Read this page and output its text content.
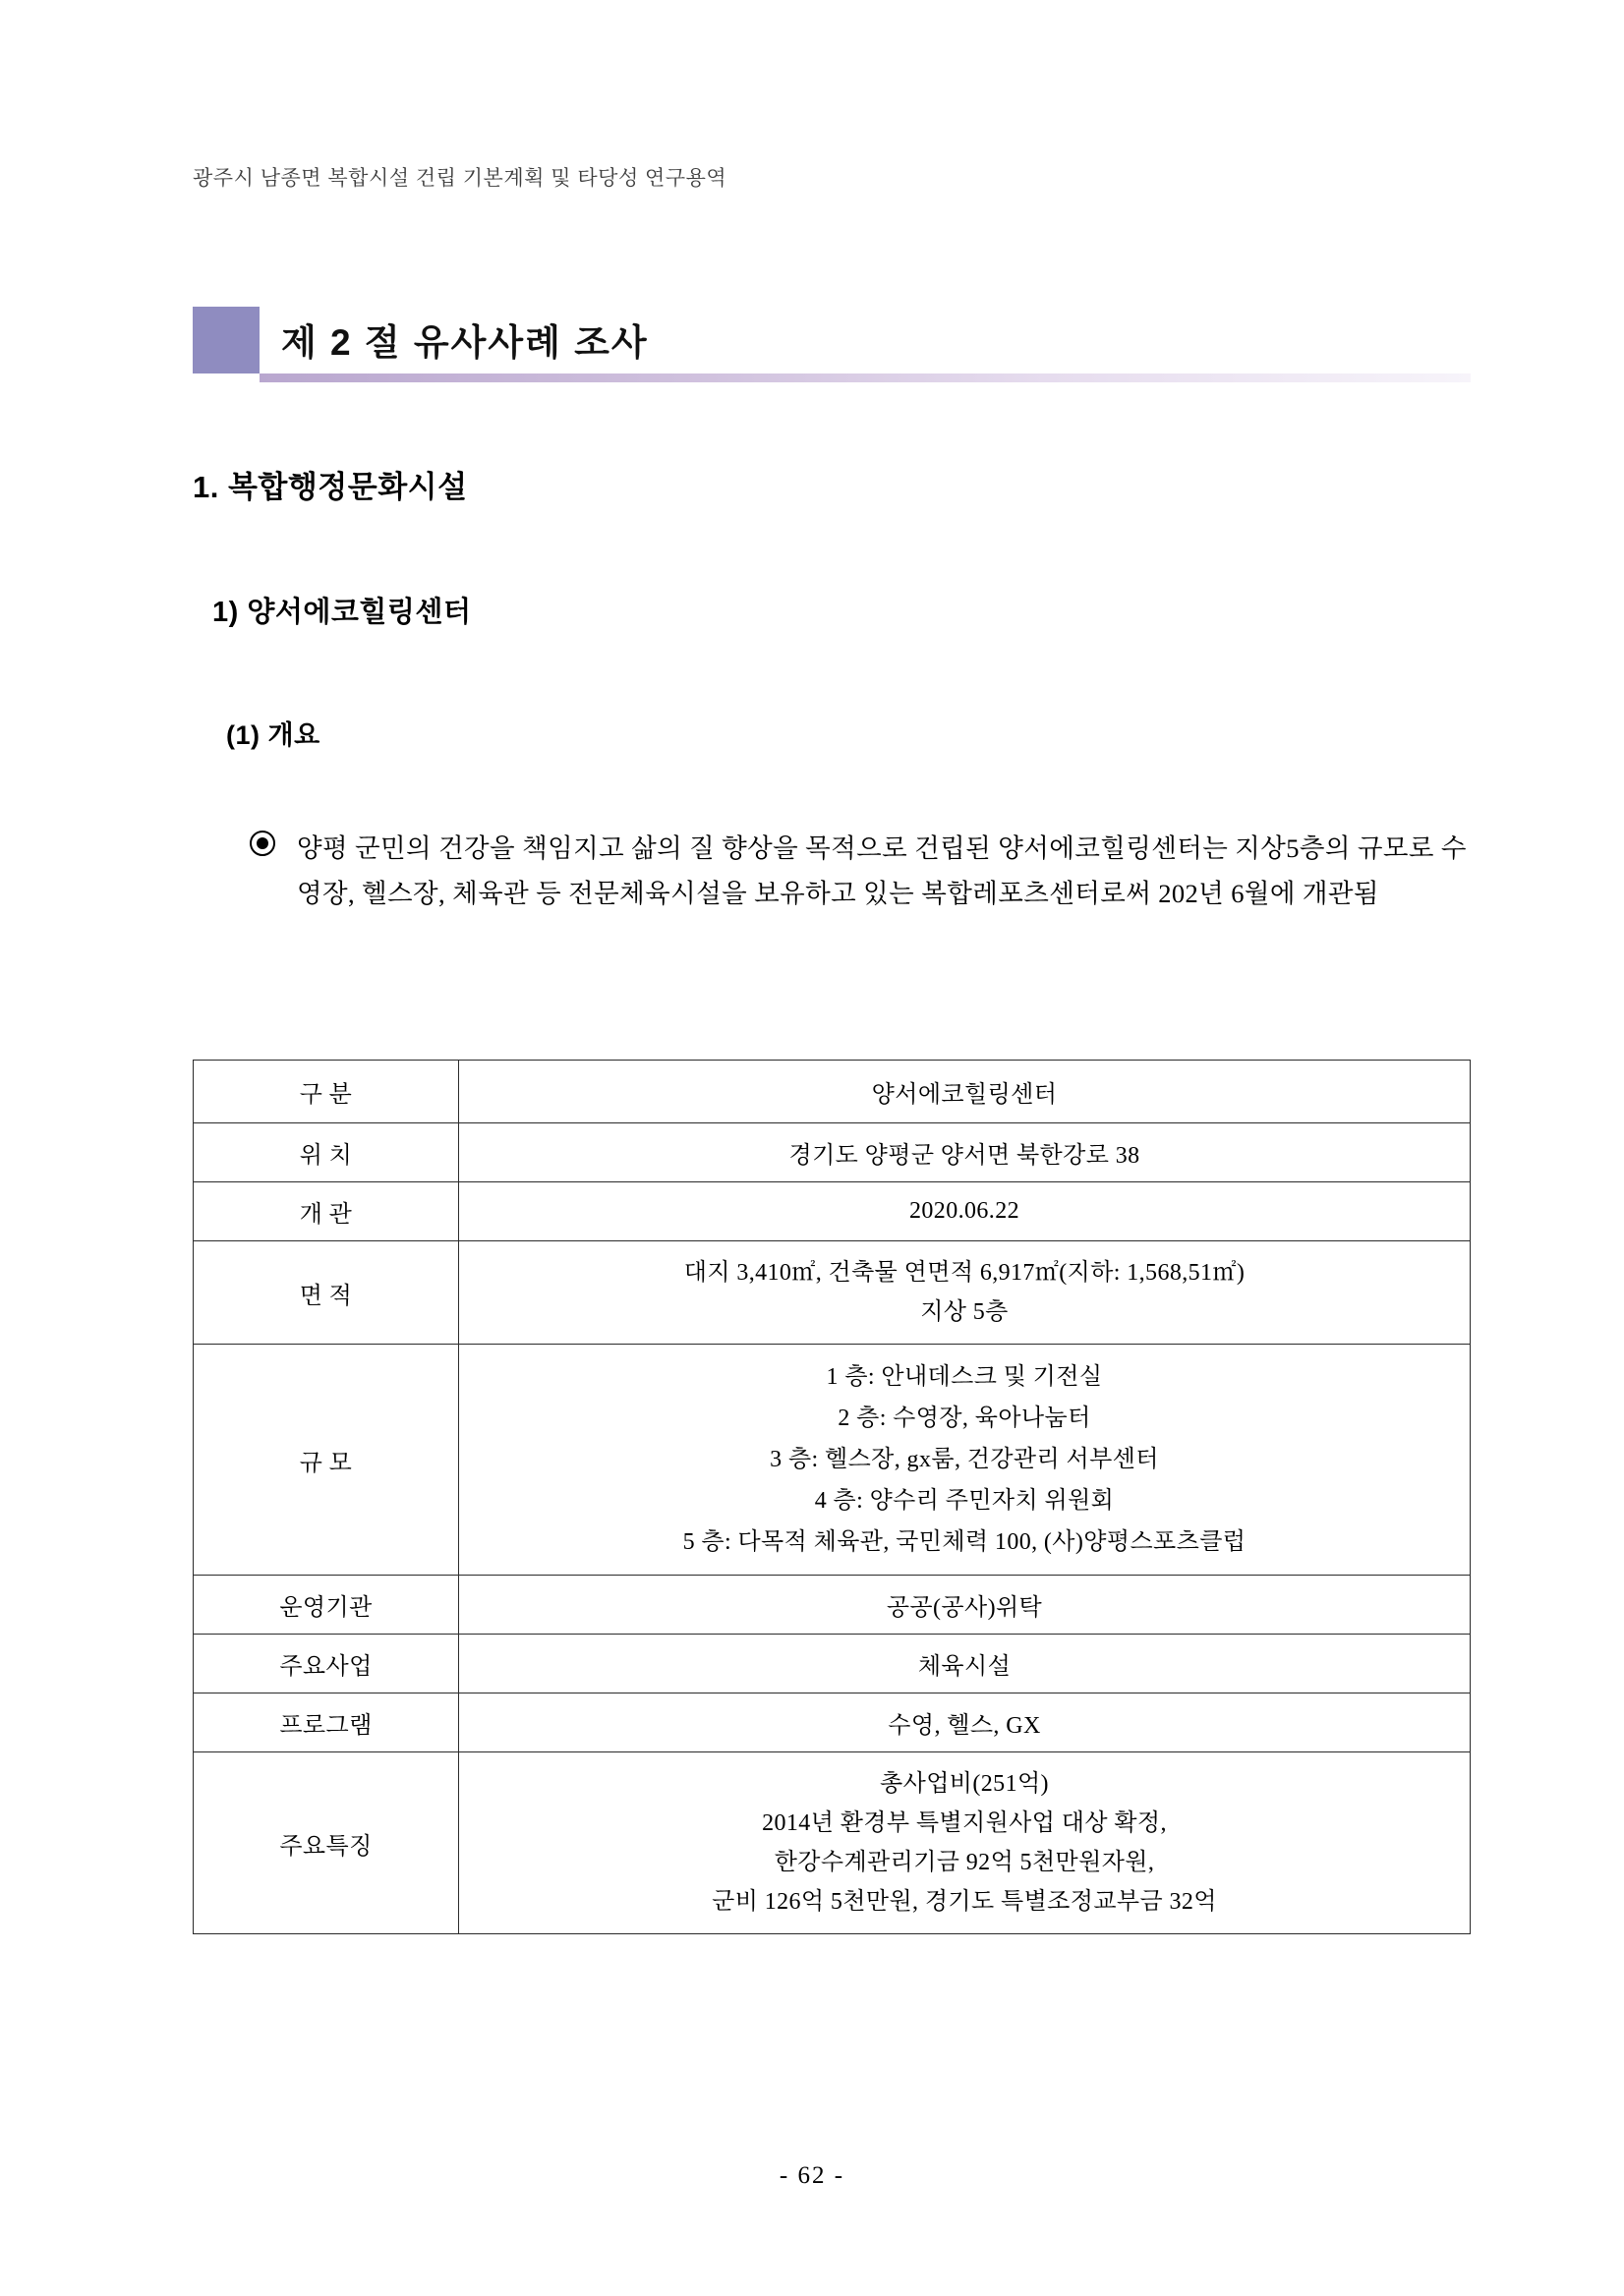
광주시 남종면 복합시설 건립 기본계획 및 타당성 연구용역
제 2 절 유사사례 조사
1. 복합행정문화시설
1) 양서에코힐링센터
(1) 개요
양평 군민의 건강을 책임지고 삶의 질 향상을 목적으로 건립된 양서에코힐링센터는 지상5층의 규모로 수영장, 헬스장, 체육관 등 전문체육시설을 보유하고 있는 복합레포츠센터로써 202년 6월에 개관됨
구 분	양서에코힐링센터
위 치	경기도 양평군 양서면 북한강로 38
개 관	2020.06.22
면 적	대지 3,410㎡, 건축물 연면적 6,917㎡(지하: 1,568,51㎡)
지상 5층
규 모	1 층: 안내데스크 및 기전실
2 층: 수영장, 육아나눔터
3 층: 헬스장, gx룸, 건강관리 서부센터
4 층: 양수리 주민자치 위원회
5 층: 다목적 체육관, 국민체력 100, (사)양평스포츠클럽
운영기관	공공(공사)위탁
주요사업	체육시설
프로그램	수영, 헬스, GX
주요특징	총사업비(251억)
2014년 환경부 특별지원사업 대상 확정,
한강수계관리기금 92억 5천만원자원,
군비 126억 5천만원, 경기도 특별조정교부금 32억
- 62 -
